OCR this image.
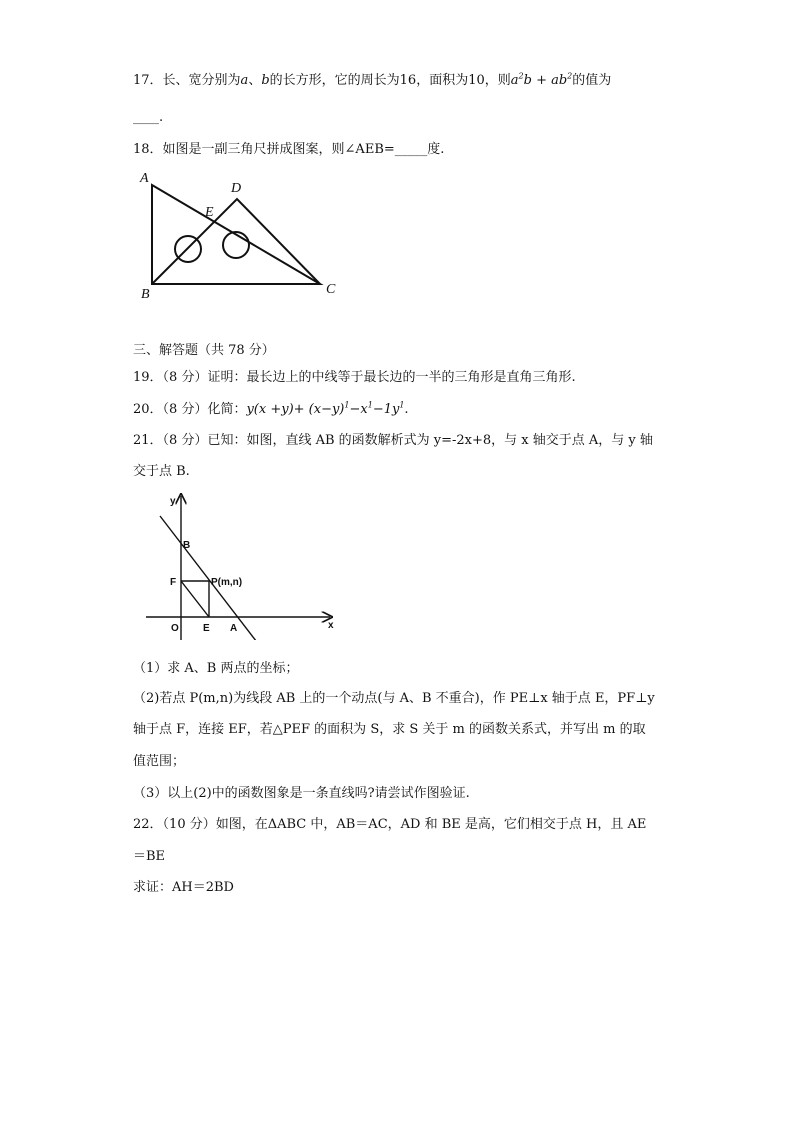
17．长、宽分别为a、b的长方形，它的周长为16，面积为10，则$a^2b + ab^2$的值为
____.
18．如图是一副三角尺拼成图案，则∠AEB=_____度.
A
D
E
B	C
三、解答题（共 78 分）
19．（8 分）证明：最长边上的中线等于最长边的一半的三角形是直角三角形.
20．（8 分）化简：$y(x +y)+ (x-y)^1-x^1-1y^1$.
21．（8 分）已知：如图，直线 AB 的函数解析式为 y=-2x+8，与 x 轴交于点 A，与 y 轴
交于点 B.
y
x
B
F	P(m,n)
O E A
（1）求 A、B 两点的坐标；
（2)若点 P(m,n)为线段 AB 上的一个动点(与 A、B 不重合)，作 PE⊥x 轴于点 E，PF⊥y
轴于点 F，连接 EF，若△PEF 的面积为 S，求 S 关于 m 的函数关系式，并写出 m 的取
值范围；
（3）以上(2)中的函数图象是一条直线吗?请尝试作图验证.
22．（10 分）如图，在ΔABC 中，AB＝AC，AD 和 BE 是高，它们相交于点 H，且 AE
＝BE
求证：AH＝2BD
